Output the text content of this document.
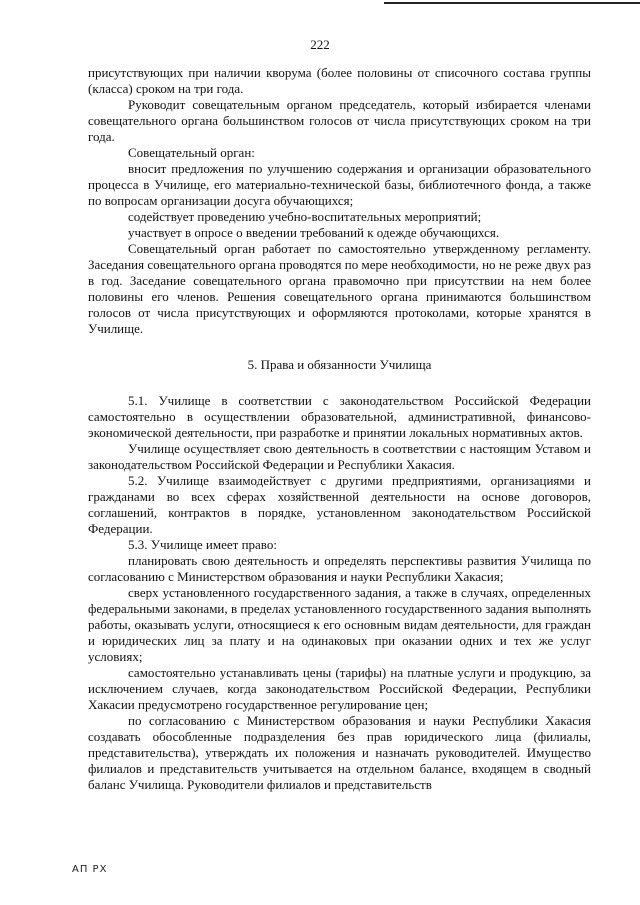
222

присутствующих при наличии кворума (более половины от списочного состава группы (класса) сроком на три года.

Руководит совещательным органом председатель, который избирается членами совещательного органа большинством голосов от числа присутствующих сроком на три года.

Совещательный орган:

вносит предложения по улучшению содержания и организации образовательного процесса в Училище, его материально-технической базы, библиотечного фонда, а также по вопросам организации досуга обучающихся;

содействует проведению учебно-воспитательных мероприятий;

участвует в опросе о введении требований к одежде обучающихся.

Совещательный орган работает по самостоятельно утвержденному регламенту. Заседания совещательного органа проводятся по мере необходимости, но не реже двух раз в год. Заседание совещательного органа правомочно при присутствии на нем более половины его членов. Решения совещательного органа принимаются большинством голосов от числа присутствующих и оформляются протоколами, которые хранятся в Училище.

5. Права и обязанности Училища

5.1. Училище в соответствии с законодательством Российской Федерации самостоятельно в осуществлении образовательной, административной, финансово-экономической деятельности, при разработке и принятии локальных нормативных актов.

Училище осуществляет свою деятельность в соответствии с настоящим Уставом и законодательством Российской Федерации и Республики Хакасия.

5.2. Училище взаимодействует с другими предприятиями, организациями и гражданами во всех сферах хозяйственной деятельности на основе договоров, соглашений, контрактов в порядке, установленном законодательством Российской Федерации.

5.3. Училище имеет право:

планировать свою деятельность и определять перспективы развития Училища по согласованию с Министерством образования и науки Республики Хакасия;

сверх установленного государственного задания, а также в случаях, определенных федеральными законами, в пределах установленного государственного задания выполнять работы, оказывать услуги, относящиеся к его основным видам деятельности, для граждан и юридических лиц за плату и на одинаковых при оказании одних и тех же услуг условиях;

самостоятельно устанавливать цены (тарифы) на платные услуги и продукцию, за исключением случаев, когда законодательством Российской Федерации, Республики Хакасии предусмотрено государственное регулирование цен;

по согласованию с Министерством образования и науки Республики Хакасия создавать обособленные подразделения без прав юридического лица (филиалы, представительства), утверждать их положения и назначать руководителей. Имущество филиалов и представительств учитывается на отдельном балансе, входящем в сводный баланс Училища. Руководители филиалов и представительств

АП РХ
